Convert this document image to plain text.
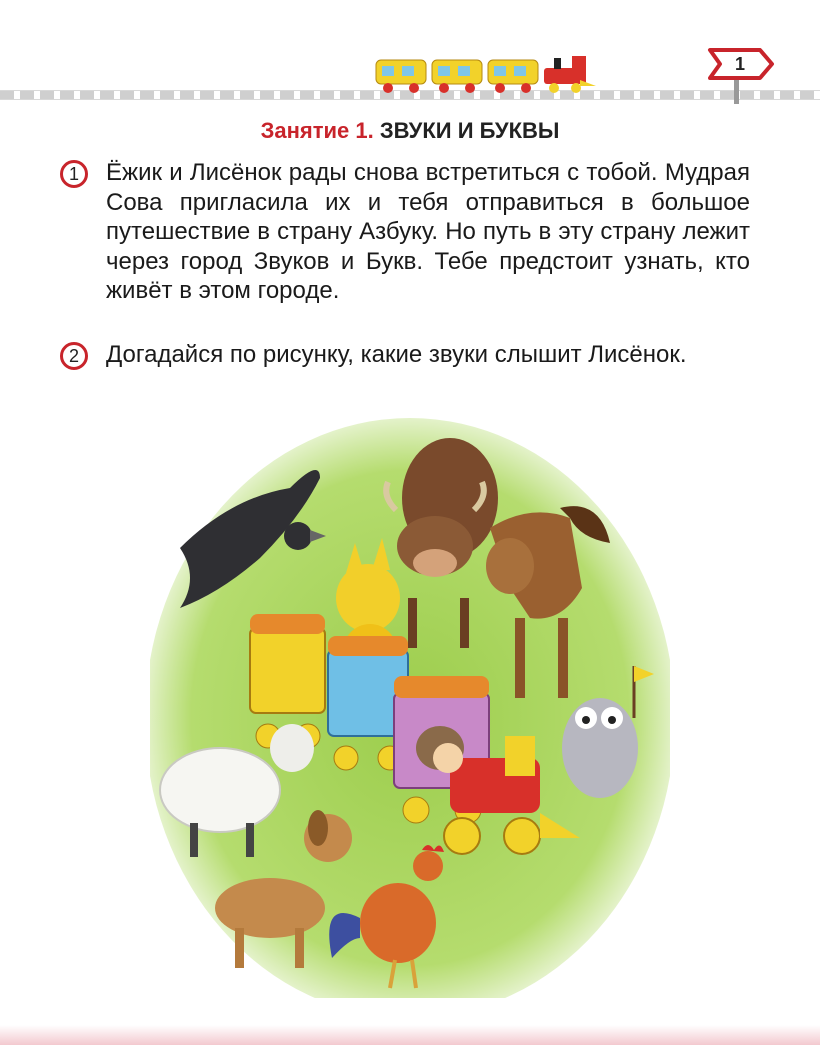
1
Занятие 1. ЗВУКИ И БУКВЫ
1	Ёжик и Лисёнок рады снова встретиться с тобой. Мудрая Сова пригласила их и тебя отправиться в большое путешествие в страну Азбуку. Но путь в эту страну лежит через город Звуков и Букв. Тебе предстоит узнать, кто живёт в этом городе.
2	Догадайся по рисунку, какие звуки слышит Лисёнок.
